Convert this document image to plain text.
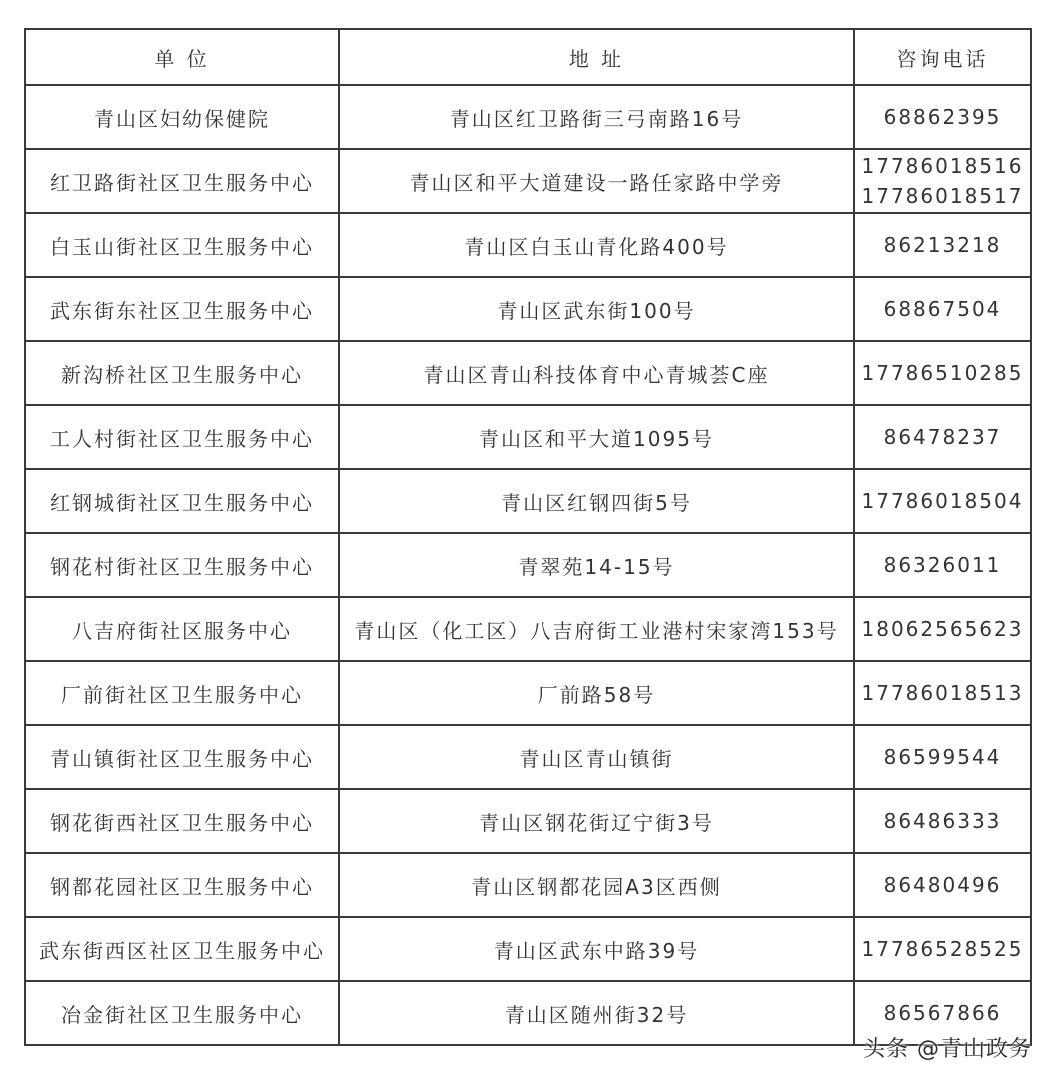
单 位	地 址	咨询电话
青山区妇幼保健院	青山区红卫路街三弓南路16号	68862395

红卫路街社区卫生服务中心	青山区和平大道建设一路任家路中学旁	17786018516
17786018517

白玉山街社区卫生服务中心	青山区白玉山青化路400号	86213218

武东街东社区卫生服务中心	青山区武东街100号	68867504

新沟桥社区卫生服务中心	青山区青山科技体育中心青城荟C座	17786510285

工人村街社区卫生服务中心	青山区和平大道1095号	86478237

红钢城街社区卫生服务中心	青山区红钢四街5号	17786018504

钢花村街社区卫生服务中心	青翠苑14-15号	86326011

八吉府街社区服务中心	青山区（化工区）八吉府街工业港村宋家湾153号	18062565623

厂前街社区卫生服务中心	厂前路58号	17786018513

青山镇街社区卫生服务中心	青山区青山镇街	86599544

钢花街西社区卫生服务中心	青山区钢花街辽宁街3号	86486333

钢都花园社区卫生服务中心	青山区钢都花园A3区西侧	86480496

武东街西区社区卫生服务中心	青山区武东中路39号	17786528525

冶金街社区卫生服务中心	青山区随州街32号	86567866
头条 @青山政务
